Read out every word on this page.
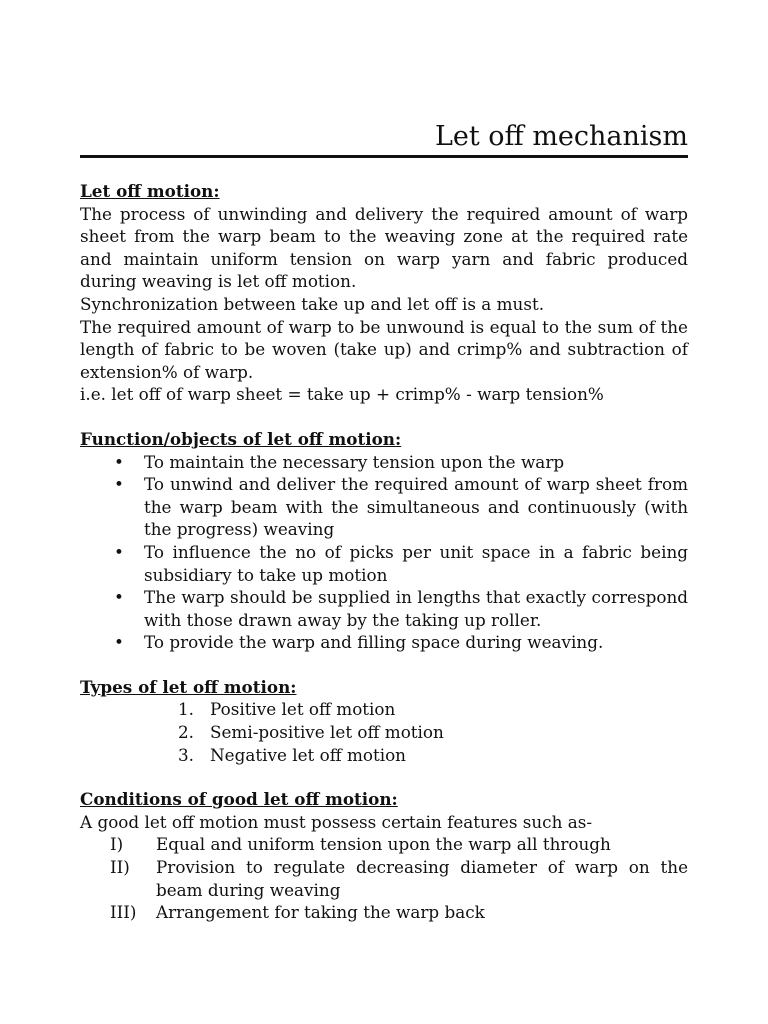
Let off mechanism

Let off motion:

The process of unwinding and delivery the required amount of warp sheet from the warp beam to the weaving zone at the required rate and maintain uniform tension on warp yarn and fabric produced during weaving is let off motion.

Synchronization between take up and let off is a must.

The required amount of warp to be unwound is equal to the sum of the length of fabric to be woven (take up) and crimp% and subtraction of extension% of warp.

i.e. let off of warp sheet = take up + crimp% - warp tension%

Function/objects of let off motion:

• To maintain the necessary tension upon the warp
• To unwind and deliver the required amount of warp sheet from the warp beam with the simultaneous and continuously (with the progress) weaving
• To influence the no of picks per unit space in a fabric being subsidiary to take up motion
• The warp should be supplied in lengths that exactly correspond with those drawn away by the taking up roller.
• To provide the warp and filling space during weaving.

Types of let off motion:

1. Positive let off motion
2. Semi-positive let off motion
3. Negative let off motion

Conditions of good let off motion:

A good let off motion must possess certain features such as-

I) Equal and uniform tension upon the warp all through
II) Provision to regulate decreasing diameter of warp on the beam during weaving
III) Arrangement for taking the warp back
